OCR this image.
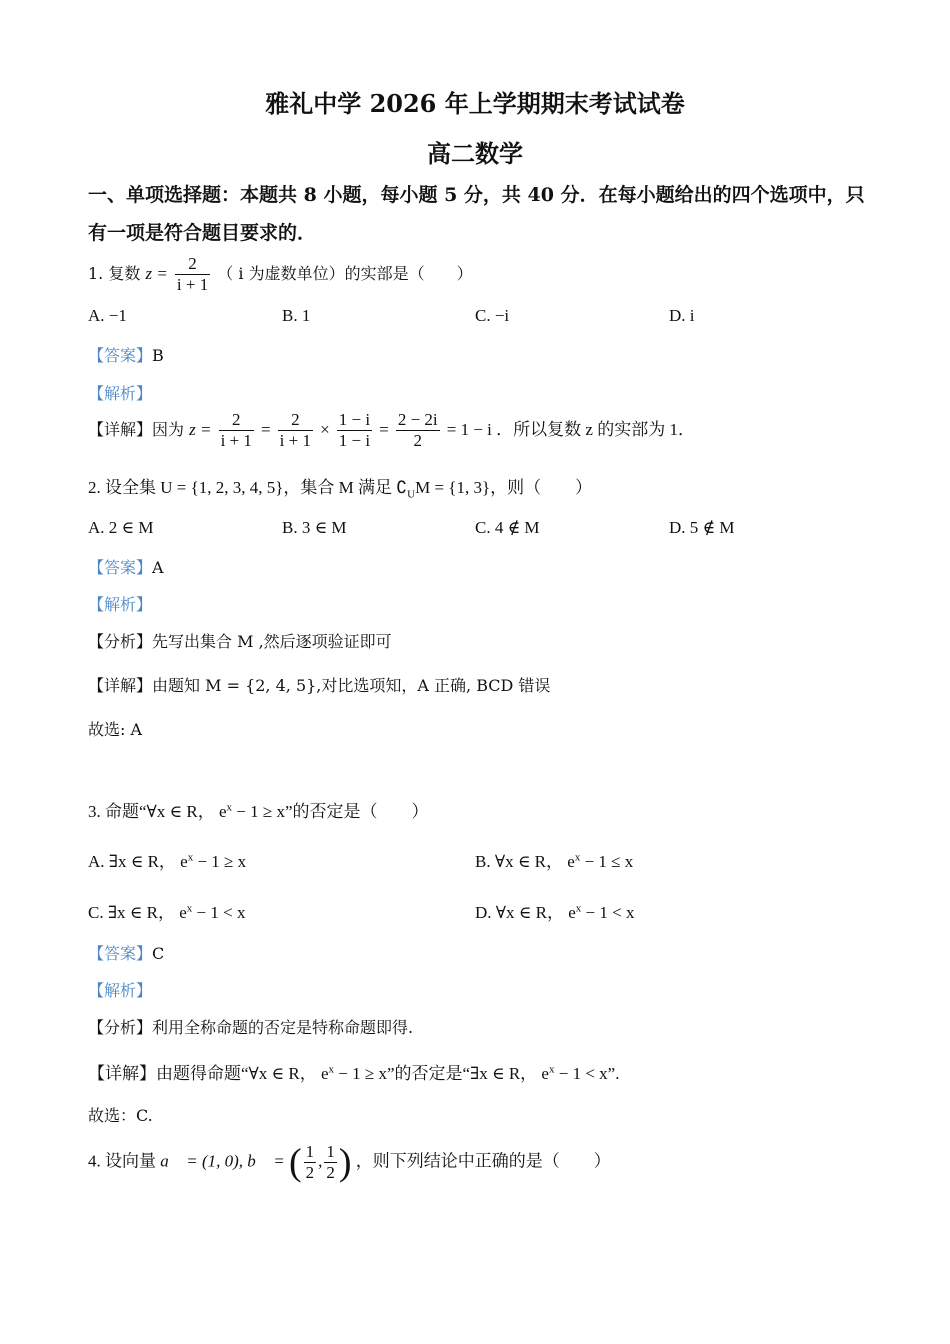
雅礼中学 2026 年上学期期末考试试卷
高二数学
一、单项选择题：本题共 8 小题，每小题 5 分，共 40 分．在每小题给出的四个选项中，只
有一项是符合题目要求的．
1. 复数 $z = \frac{2}{i + 1}$ （ i 为虚数单位）的实部是（　　）
A. −1	B. 1	C. −i	D. i
【答案】B
【解析】
【详解】因为 $z = \frac{2}{i + 1} = \frac{2}{i + 1} \times \frac{1 - i}{1 - i} = \frac{2 - 2i}{2} = 1 - i$ ．所以复数 z 的实部为 1．
2. 设全集 U = {1, 2, 3, 4, 5}，集合 M 满足 $∁_UM = \{1$, 3}，则（　　）
A. 2 ∈ M	B. 3 ∈ M	C. 4 ∉ M	D. 5 ∉ M
【答案】A
【解析】
【分析】先写出集合 M ,然后逐项验证即可
【详解】由题知 M = {2, 4, 5},对比选项知，A 正确, BCD 错误
故选: A
3. 命题“∀x ∈ R， $e^x - 1 \ge x$”的否定是（　　）
A. ∃x ∈ R， $e^x - 1 \ge x$	B. ∀x ∈ R， $e^x - 1 \le x$
C. ∃x ∈ R， $e^x - 1 < x$	D. ∀x ∈ R， $e^x - 1 < x$
【答案】C
【解析】
【分析】利用全称命题的否定是特称命题即得.
【详解】由题得命题“∀x ∈ R， $e^x - 1 \ge x$”的否定是“∃x ∈ R， $e^x - 1 < x$”.
故选：C.
4. 设向量 a⃗ = (1, 0), b⃗ = ( $\frac{1}{2}$ , $\frac{1}{2}$ ) ，则下列结论中正确的是（　　）
